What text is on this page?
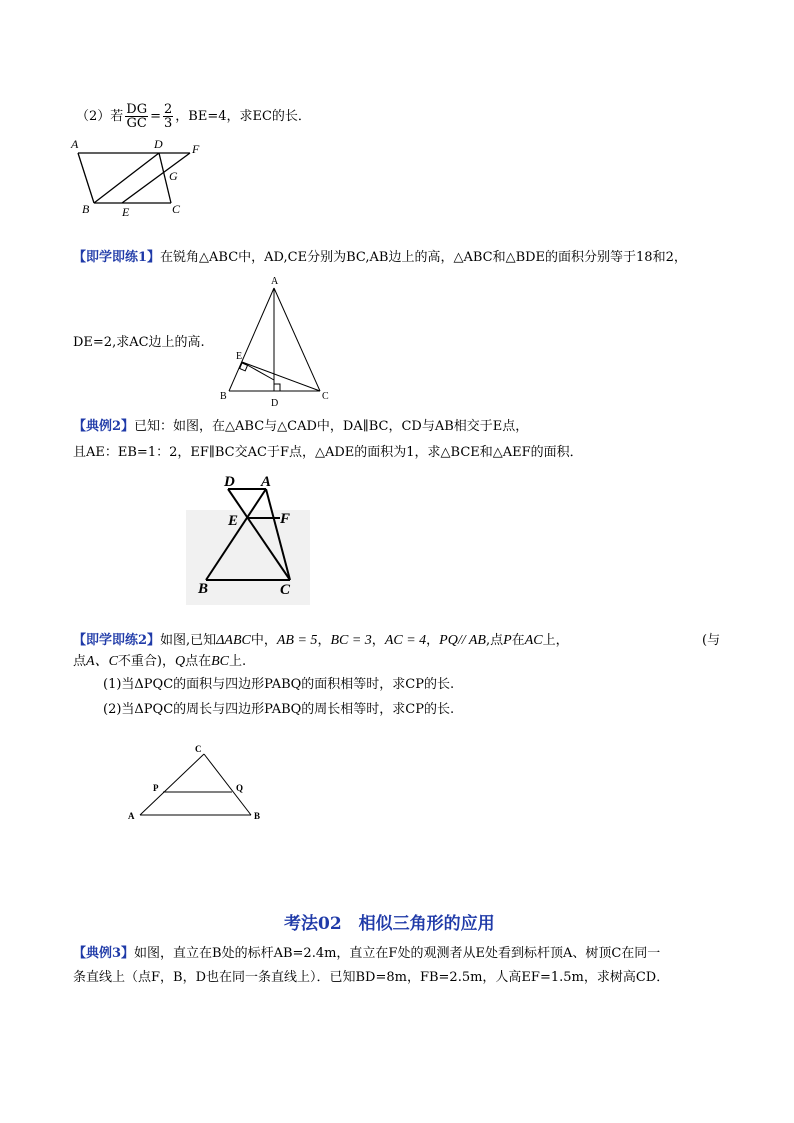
（2）若 $\frac{DG}{GC} = \frac{2}{3}$ ，BE=4，求EC的长．
A	D F
G
B	E	C
【即学即练1】在锐角△ABC中，AD,CE分别为BC,AB边上的高，△ABC和△BDE的面积分别等于18和2，
DE=2,求AC边上的高.
A
E
B
D
C
【典例2】已知：如图，在△ABC与△CAD中，DA∥BC，CD与AB相交于E点，
且AE：EB=1：2，EF∥BC交AC于F点，△ADE的面积为1，求△BCE和△AEF的面积．
D A
E	F
B	C
【即学即练2】如图,已知ΔABC中，AB = 5，BC = 3，AC = 4，PQ// AB,点P在AC上，	(与
点A、C不重合)，Q点在BC上.
(1)当ΔPQC的面积与四边形PABQ的面积相等时，求CP的长.
(2)当ΔPQC的周长与四边形PABQ的周长相等时，求CP的长.
C
P	Q
A	B
考法02　相似三角形的应用
【典例3】如图，直立在B处的标杆AB=2.4m，直立在F处的观测者从E处看到标杆顶A、树顶C在同一
条直线上（点F，B，D也在同一条直线上）．已知BD=8m，FB=2.5m，人高EF=1.5m，求树高CD．
